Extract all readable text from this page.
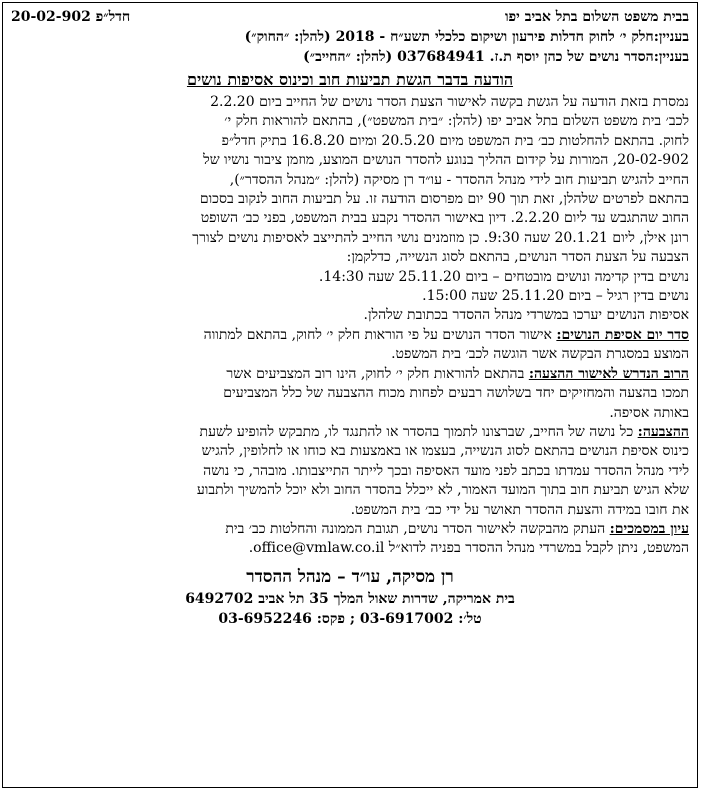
בבית משפט השלום בתל אביב יפו
חדל״פ 20-02-902
בעניין:חלק י׳ לחוק חדלות פירעון ושיקום כלכלי תשע״ח - 2018 (להלן: ״החוק״)
בעניין:הסדר נושים של כהן יוסף ת.ז. 037684941 (להלן: ״החייב״)
הודעה בדבר הגשת תביעות חוב וכינוס אסיפות נושים

נמסרת בזאת הודעה על הגשת בקשה לאישור הצעת הסדר נושים של החייב ביום 2.2.20
לכב׳ בית משפט השלום בתל אביב יפו (להלן: ״בית המשפט״), בהתאם להוראות חלק י׳
לחוק. בהתאם להחלטות כב׳ בית המשפט מיום 20.5.20 ומיום 16.8.20 בתיק חדל״פ
20-02-902, המורות על קידום ההליך בנוגע להסדר הנושים המוצע, מוזמן ציבור נושיו של
החייב להגיש תביעות חוב לידי מנהל ההסדר - עו״ד רן מסיקה (להלן: ״מנהל ההסדר״),
בהתאם לפרטים שלהלן, זאת תוך 90 יום מפרסום הודעה זו. על תביעות החוב לנקוב בסכום
החוב שהתגבש עד ליום 2.2.20. דיון באישור ההסדר נקבע בבית המשפט, בפני כב׳ השופט
רונן אילן, ליום 20.1.21 שעה 9:30. כן מוזמנים נושי החייב להתייצב לאסיפות נושים לצורך
הצבעה על הצעת הסדר הנושים, בהתאם לסוג הנשייה, כדלקמן:
נושים בדין קדימה ונושים מובטחים – ביום 25.11.20 שעה 14:30.
נושים בדין רגיל – ביום 25.11.20 שעה 15:00.
אסיפות הנושים יערכו במשרדי מנהל ההסדר בכתובת שלהלן.

סדר יום אסיפת הנושים: אישור הסדר הנושים על פי הוראות חלק י׳ לחוק, בהתאם למתווה
המוצע במסגרת הבקשה אשר הוגשה לכב׳ בית המשפט.

הרוב הנדרש לאישור ההצעה: בהתאם להוראות חלק י׳ לחוק, הינו רוב המצביעים אשר
תמכו בהצעה והמחזיקים יחד בשלושה רבעים לפחות מכוח ההצבעה של כלל המצביעים
באותה אסיפה.

ההצבעה: כל נושה של החייב, שברצונו לתמוך בהסדר או להתנגד לו, מתבקש להופיע לשעת
כינוס אסיפת הנושים בהתאם לסוג הנשייה, בעצמו או באמצעות בא כוחו או לחלופין, להגיש
לידי מנהל ההסדר עמדתו בכתב לפני מועד האסיפה ובכך לייתר התייצבותו. מובהר, כי נושה
שלא הגיש תביעת חוב בתוך המועד האמור, לא ייכלל בהסדר החוב ולא יוכל להמשיך ולתבוע
את חובו במידה והצעת ההסדר תאושר על ידי כב׳ בית המשפט.

עיון במסמכים: העתק מהבקשה לאישור הסדר נושים, תגובת הממונה והחלטות כב׳ בית
המשפט, ניתן לקבל במשרדי מנהל ההסדר בפניה לדוא״ל office@vmlaw.co.il.

רן מסיקה, עו״ד – מנהל ההסדר
בית אמריקה, שדרות שאול המלך 35 תל אביב 6492702
טל׳: 03-6917002 ; פקס: 03-6952246
